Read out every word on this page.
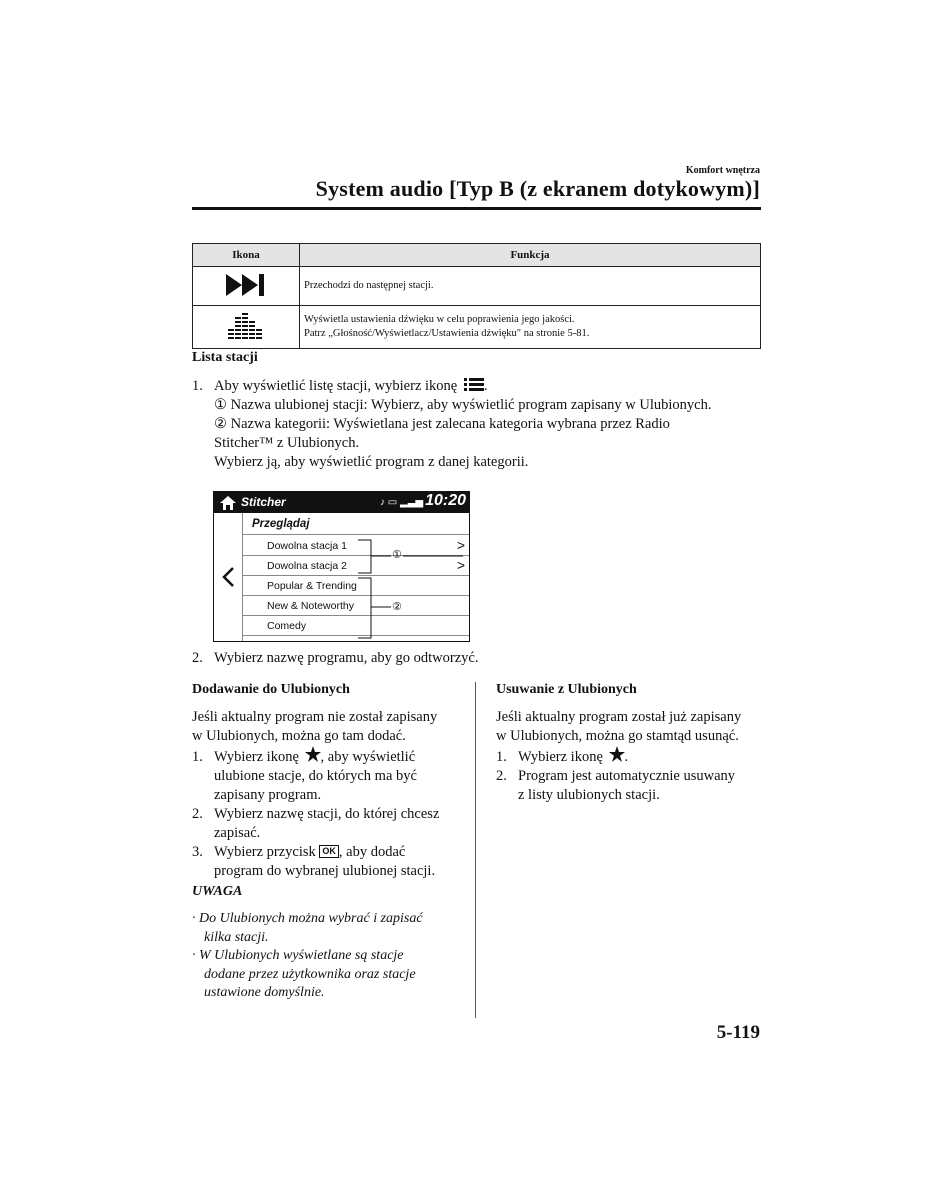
Komfort wnętrza
System audio [Typ B (z ekranem dotykowym)]
Ikona	Funkcja
	Przechodzi do następnej stacji.

Wyświetla ustawienia dźwięku w celu poprawienia jego jakości.
Patrz „Głośność/Wyświetlacz/Ustawienia dźwięku" na stronie 5-81.
Lista stacji
1. Aby wyświetlić listę stacji, wybierz ikonę .
① Nazwa ulubionej stacji: Wybierz, aby wyświetlić program zapisany w Ulubionych.
② Nazwa kategorii: Wyświetlana jest zalecana kategoria wybrana przez Radio
Stitcher™ z Ulubionych.
Wybierz ją, aby wyświetlić program z danej kategorii.
Stitcher	♪ ▭ ▂▃▅ 10:20
Przeglądaj
Dowolna stacja 1	>
Dowolna stacja 2	>
Popular & Trending
New & Noteworthy
Comedy
①
②
2. Wybierz nazwę programu, aby go odtworzyć.
Dodawanie do Ulubionych
Jeśli aktualny program nie został zapisany
w Ulubionych, można go tam dodać.
1. Wybierz ikonę , aby wyświetlić
ulubione stacje, do których ma być
zapisany program.
2. Wybierz nazwę stacji, do której chcesz
zapisać.
3. Wybierz przycisk OK , aby dodać
program do wybranej ulubionej stacji.
UWAGA
· Do Ulubionych można wybrać i zapisać
kilka stacji.
· W Ulubionych wyświetlane są stacje
dodane przez użytkownika oraz stacje
ustawione domyślnie.
Usuwanie z Ulubionych
Jeśli aktualny program został już zapisany
w Ulubionych, można go stamtąd usunąć.
1. Wybierz ikonę .
2. Program jest automatycznie usuwany
z listy ulubionych stacji.
5-119
